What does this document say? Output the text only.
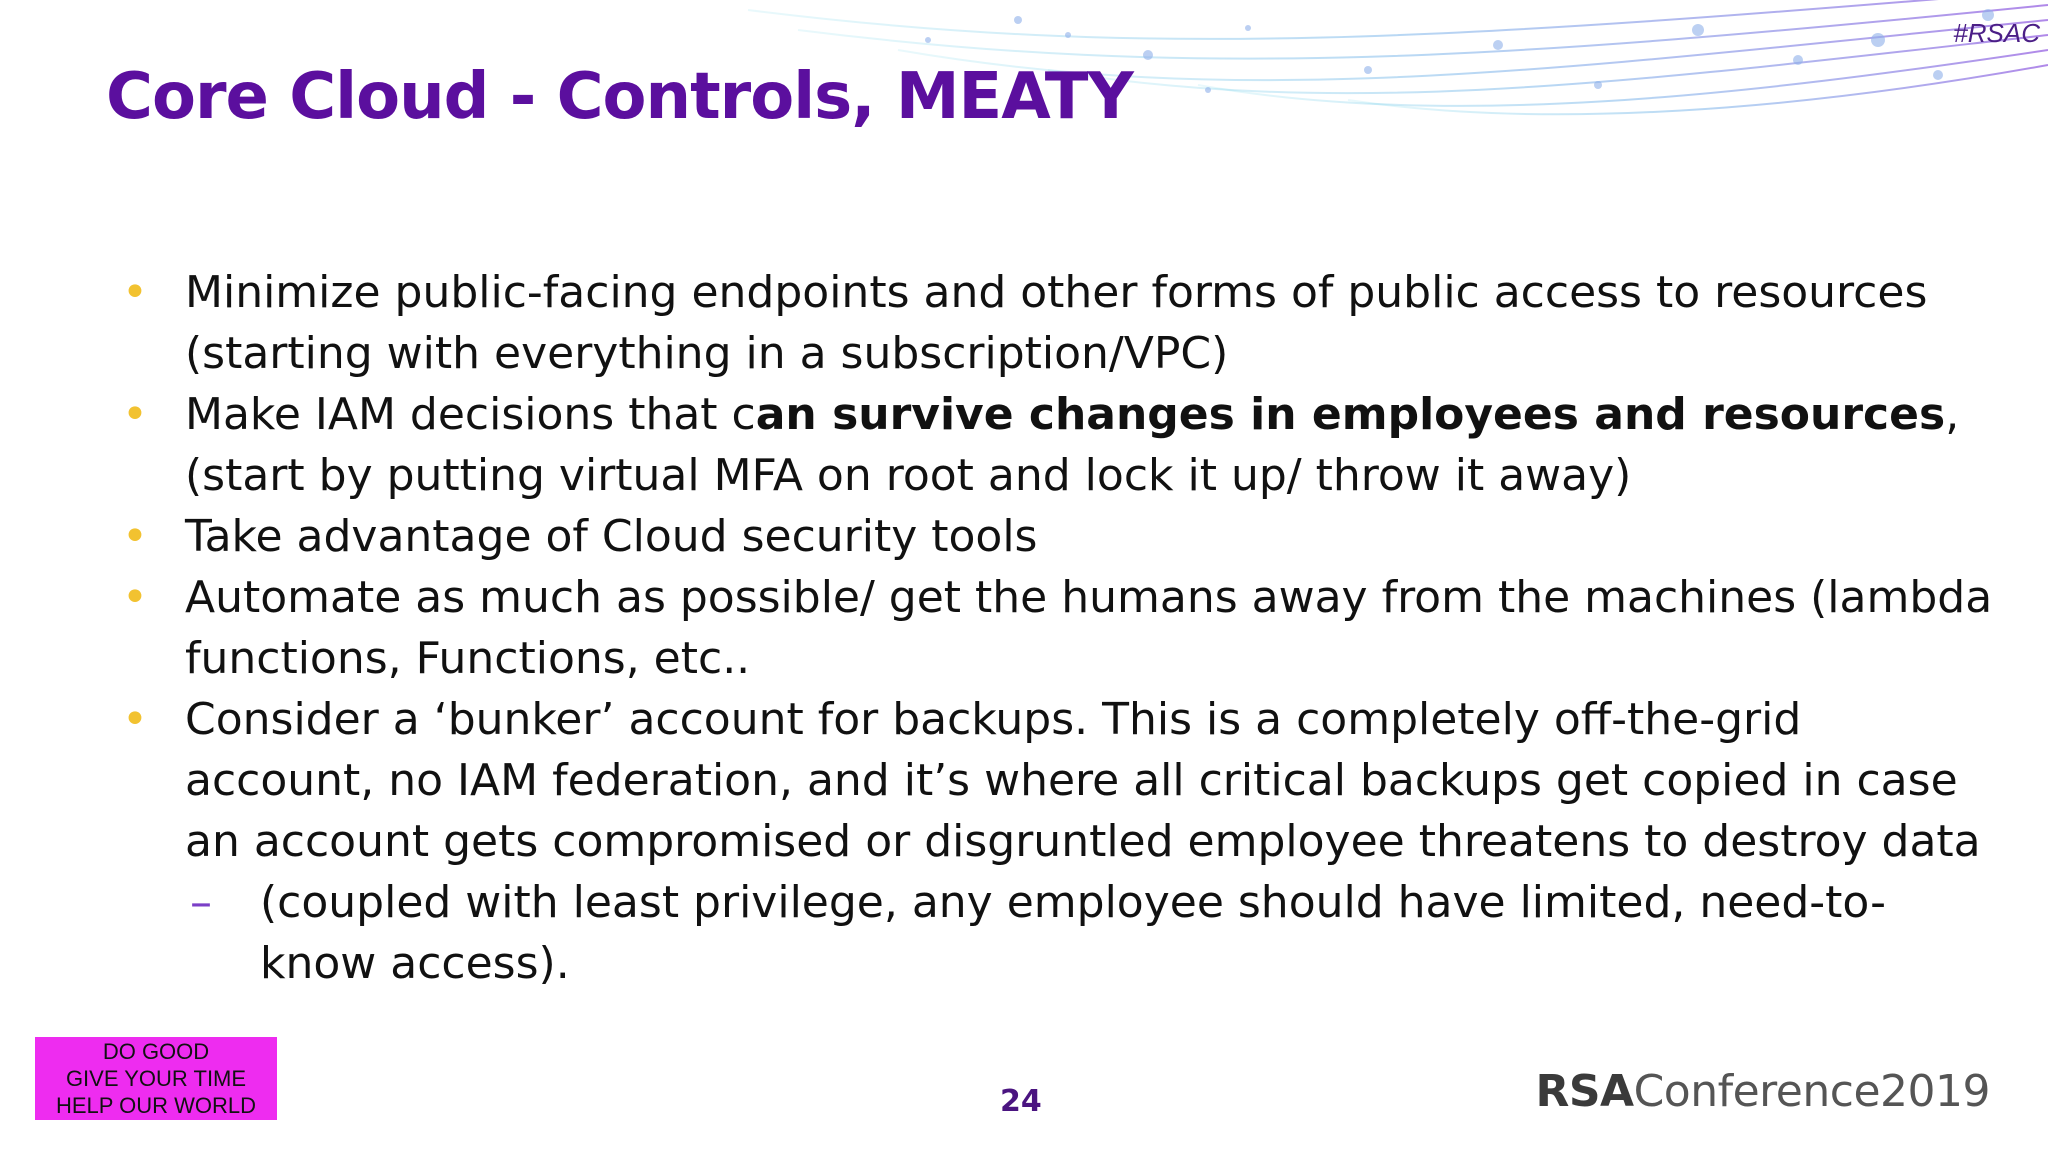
#RSAC
Core Cloud - Controls, MEATY
• Minimize public-facing endpoints and other forms of public access to resources (starting with everything in a subscription/VPC)
• Make IAM decisions that can survive changes in employees and resources, (start by putting virtual MFA on root and lock it up/ throw it away)
• Take advantage of Cloud security tools
• Automate as much as possible/ get the humans away from the machines (lambda functions, Functions, etc..
• Consider a ‘bunker’ account for backups. This is a completely off-the-grid account, no IAM federation, and it’s where all critical backups get copied in case an account gets compromised or disgruntled employee threatens to destroy data
– (coupled with least privilege, any employee should have limited, need-to-know access).
DO GOOD
GIVE YOUR TIME
HELP OUR WORLD	24	RSAConference2019
